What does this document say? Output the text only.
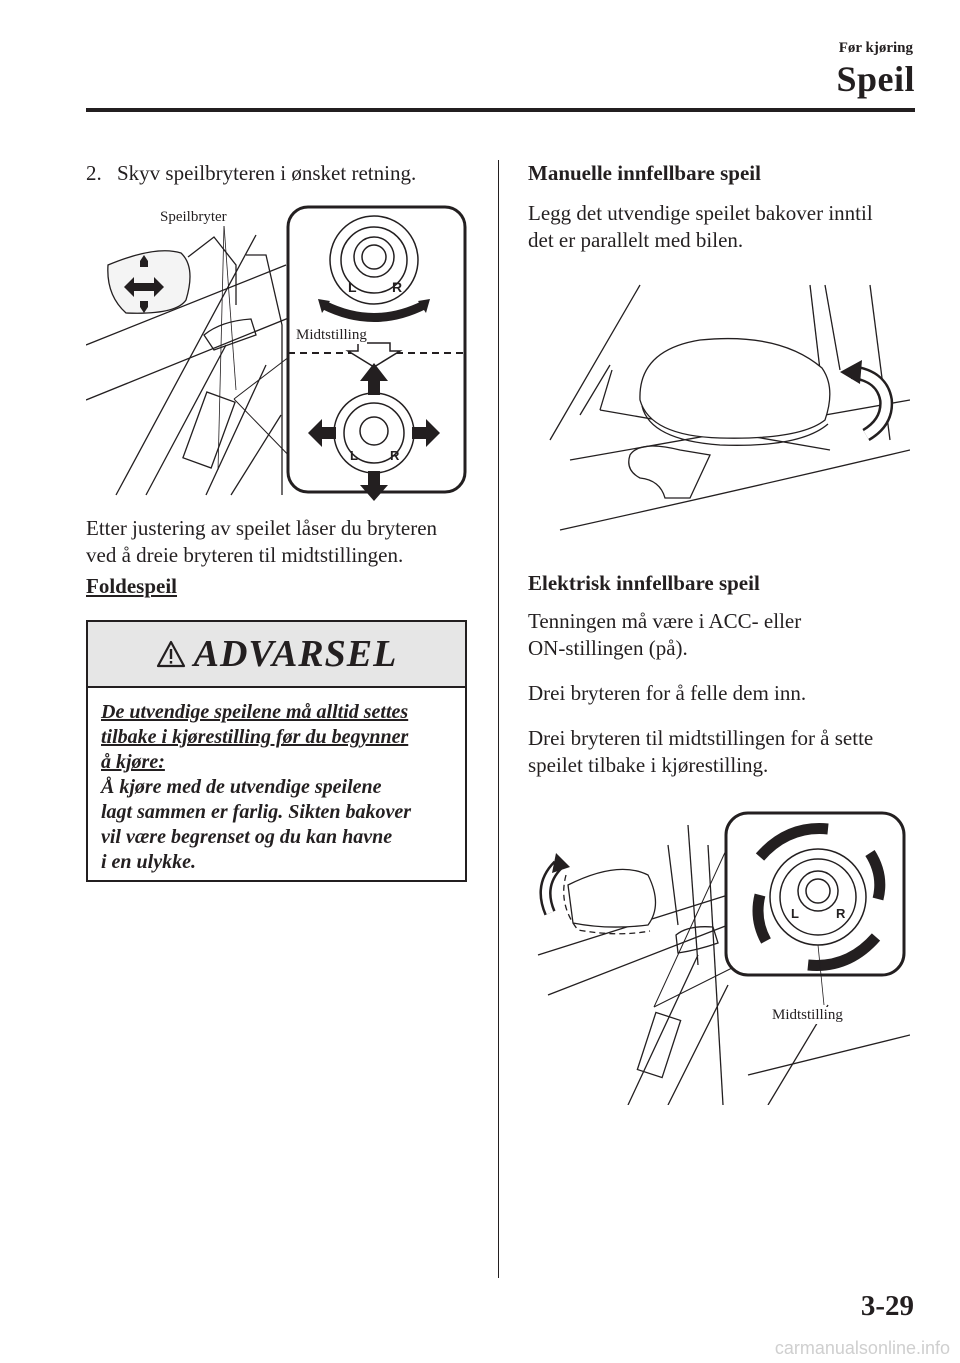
Før kjøring
Speil
2. Skyv speilbryteren i ønsket retning.
L	R
L R
Speilbryter
Midtstilling
Etter justering av speilet låser du bryteren
ved å dreie bryteren til midtstillingen.
Foldespeil
ADVARSEL
De utvendige speilene må alltid settes
tilbake i kjørestilling før du begynner
å kjøre:
Å kjøre med de utvendige speilene
lagt sammen er farlig. Sikten bakover
vil være begrenset og du kan havne
i en ulykke.
Manuelle innfellbare speil
Legg det utvendige speilet bakover inntil
det er parallelt med bilen.
Elektrisk innfellbare speil
Tenningen må være i ACC- eller
ON-stillingen (på).
Drei bryteren for å felle dem inn.
Drei bryteren til midtstillingen for å sette
speilet tilbake i kjørestilling.
L	R
Midtstilling
3-29
carmanualsonline.info
